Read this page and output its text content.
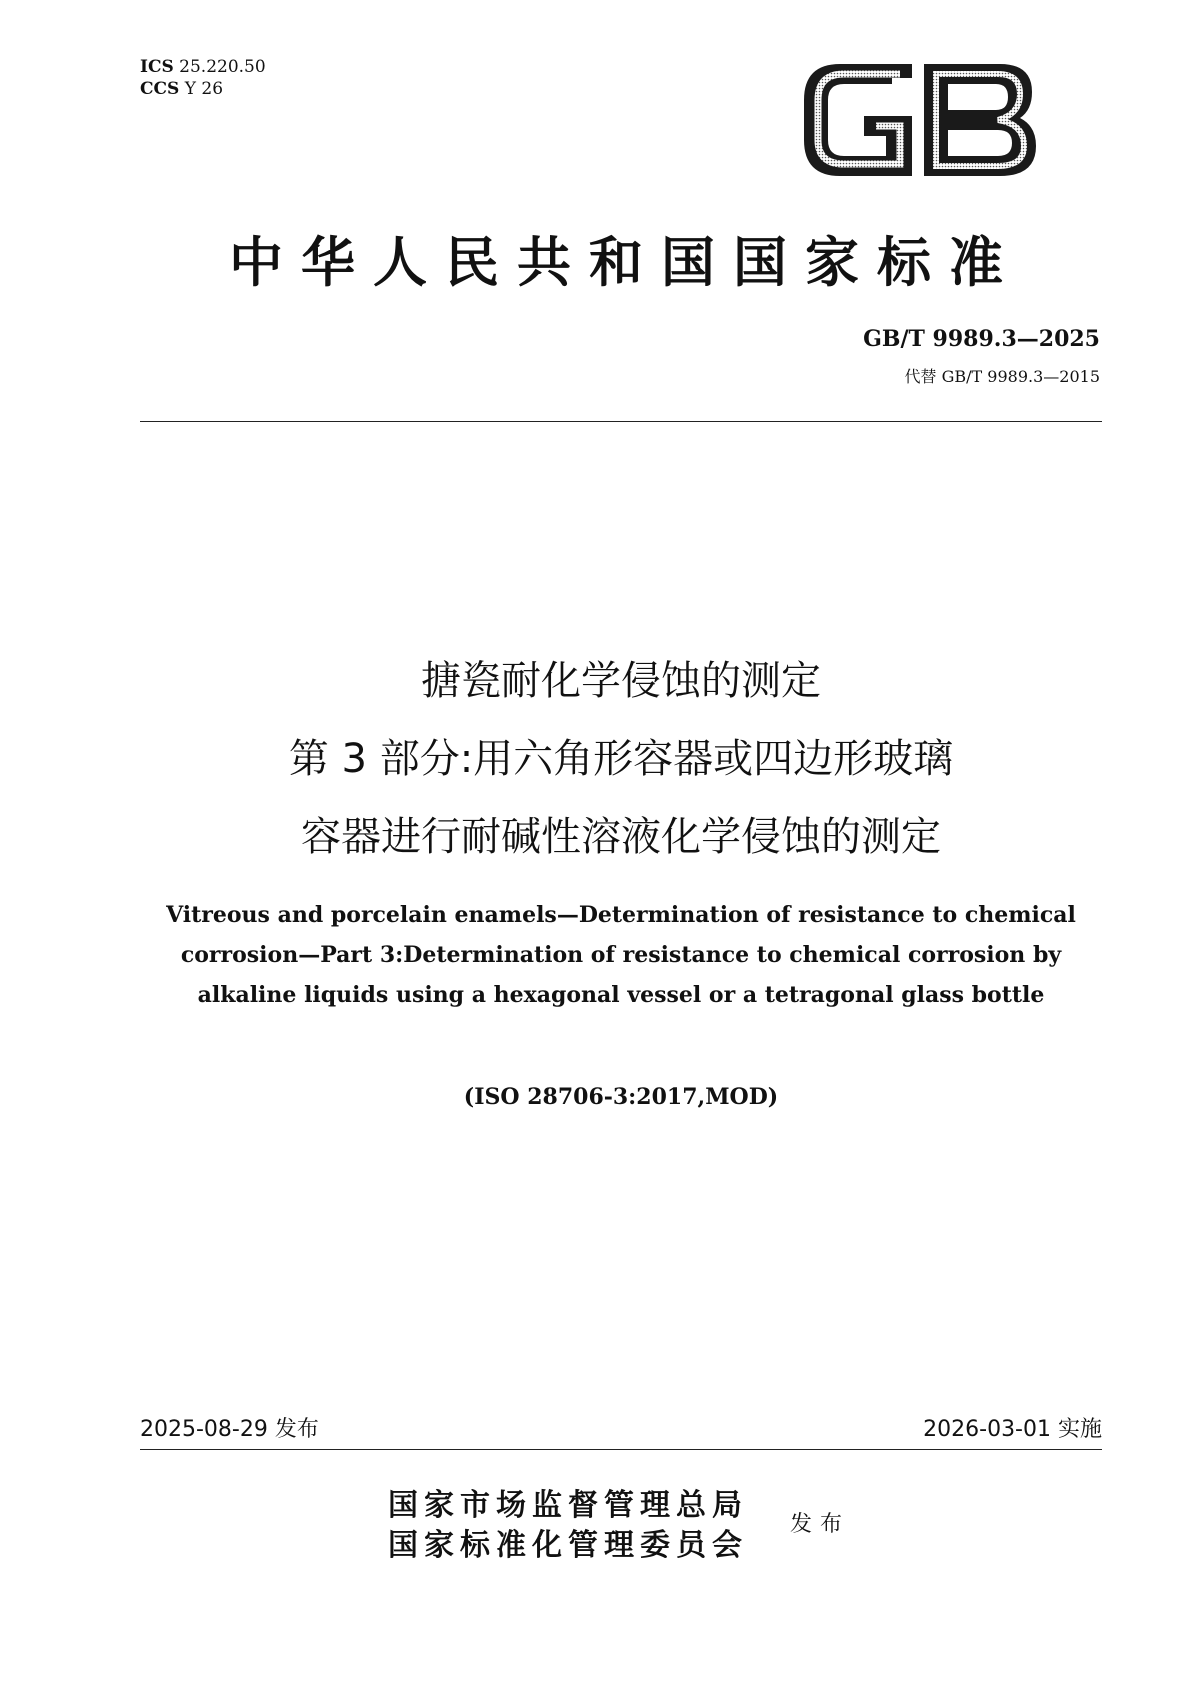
ICS 25.220.50
CCS Y 26
GB
中华人民共和国国家标准
GB/T 9989.3—2025
代替 GB/T 9989.3—2015
搪瓷耐化学侵蚀的测定
第 3 部分:用六角形容器或四边形玻璃
容器进行耐碱性溶液化学侵蚀的测定
Vitreous and porcelain enamels—Determination of resistance to chemical
corrosion—Part 3:Determination of resistance to chemical corrosion by
alkaline liquids using a hexagonal vessel or a tetragonal glass bottle
(ISO 28706-3:2017,MOD)
2025-08-29 发布	2026-03-01 实施
国家市场监督管理总局
国家标准化管理委员会
发布
